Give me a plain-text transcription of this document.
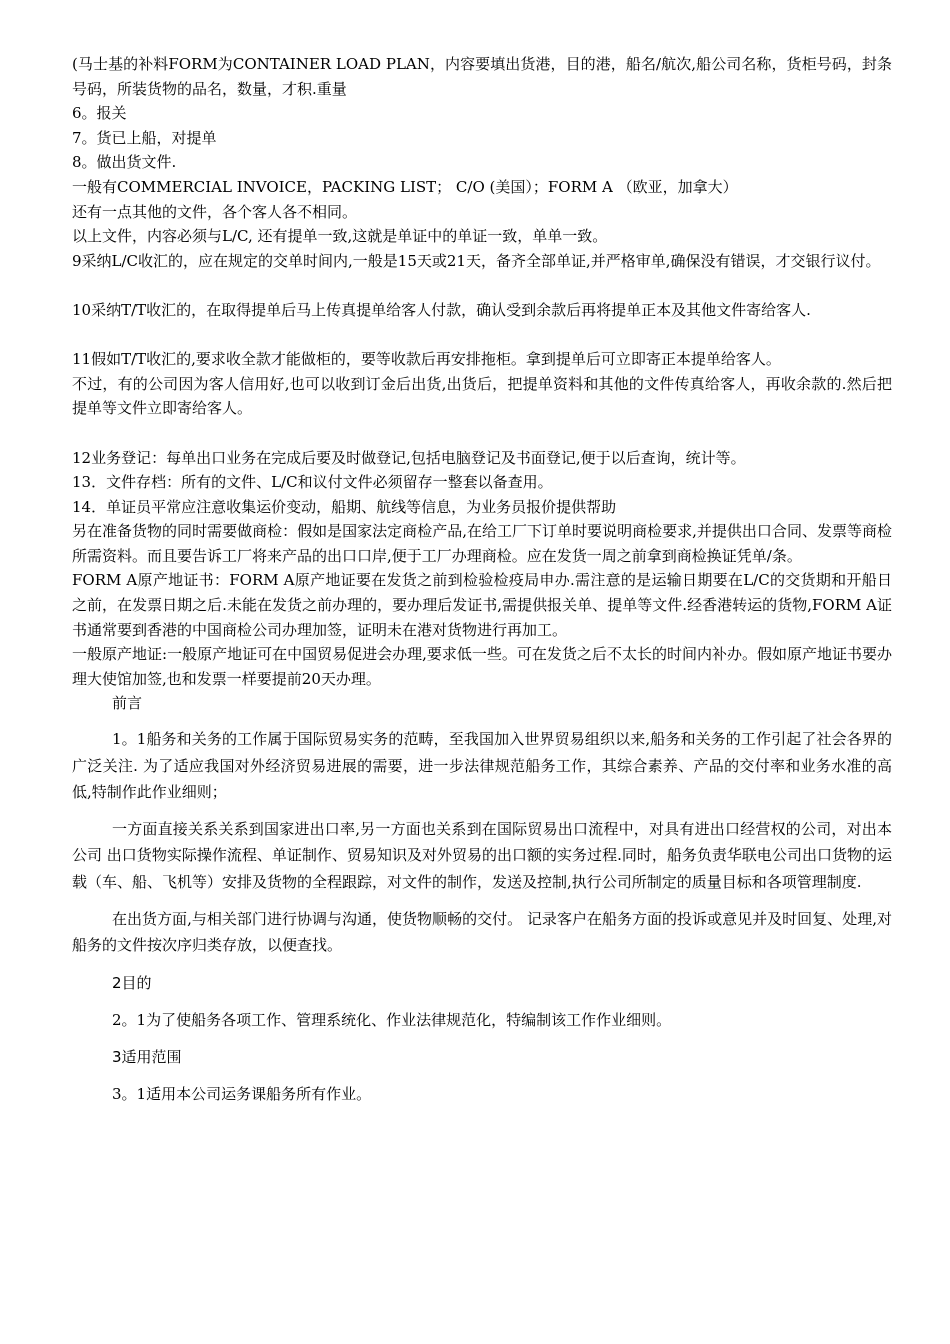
(马士基的补料FORM为CONTAINER LOAD PLAN，内容要填出货港，目的港，船名/航次,船公司名称，货柜号码，封条号码，所装货物的品名，数量，才积.重量

6。报关

7。货已上船，对提单

8。做出货文件.

一般有COMMERCIAL INVOICE，PACKING LIST； C/O (美国）；FORM A （欧亚，加拿大）

还有一点其他的文件，各个客人各不相同。

以上文件，内容必须与L/C, 还有提单一致,这就是单证中的单证一致，单单一致。

9采纳L/C收汇的，应在规定的交单时间内,一般是15天或21天，备齐全部单证,并严格审单,确保没有错误，才交银行议付。

10采纳T/T收汇的，在取得提单后马上传真提单给客人付款，确认受到余款后再将提单正本及其他文件寄给客人.

11假如T/T收汇的,要求收全款才能做柜的，要等收款后再安排拖柜。拿到提单后可立即寄正本提单给客人。

不过，有的公司因为客人信用好,也可以收到订金后出货,出货后，把提单资料和其他的文件传真给客人，再收余款的.然后把提单等文件立即寄给客人。

12业务登记：每单出口业务在完成后要及时做登记,包括电脑登记及书面登记,便于以后查询，统计等。

13．文件存档：所有的文件、L/C和议付文件必须留存一整套以备查用。

14．单证员平常应注意收集运价变动，船期、航线等信息，为业务员报价提供帮助

另在准备货物的同时需要做商检：假如是国家法定商检产品,在给工厂下订单时要说明商检要求,并提供出口合同、发票等商检所需资料。而且要告诉工厂将来产品的出口口岸,便于工厂办理商检。应在发货一周之前拿到商检换证凭单/条。

FORM A原产地证书：FORM A原产地证要在发货之前到检验检疫局申办.需注意的是运输日期要在L/C的交货期和开船日之前，在发票日期之后.未能在发货之前办理的，要办理后发证书,需提供报关单、提单等文件.经香港转运的货物,FORM A证书通常要到香港的中国商检公司办理加签，证明未在港对货物进行再加工。

一般原产地证:一般原产地证可在中国贸易促进会办理,要求低一些。可在发货之后不太长的时间内补办。假如原产地证书要办理大使馆加签,也和发票一样要提前20天办理。

前言

1。1船务和关务的工作属于国际贸易实务的范畴，至我国加入世界贸易组织以来,船务和关务的工作引起了社会各界的广泛关注. 为了适应我国对外经济贸易进展的需要，进一步法律规范船务工作，其综合素养、产品的交付率和业务水准的高低,特制作此作业细则；

一方面直接关系关系到国家进出口率,另一方面也关系到在国际贸易出口流程中，对具有进出口经营权的公司，对出本公司 出口货物实际操作流程、单证制作、贸易知识及对外贸易的出口额的实务过程.同时，船务负责华联电公司出口货物的运载（车、船、飞机等）安排及货物的全程跟踪，对文件的制作，发送及控制,执行公司所制定的质量目标和各项管理制度.

在出货方面,与相关部门进行协调与沟通，使货物顺畅的交付。 记录客户在船务方面的投诉或意见并及时回复、处理,对船务的文件按次序归类存放，以便查找。

2目的

2。1为了使船务各项工作、管理系统化、作业法律规范化，特编制该工作作业细则。

3适用范围

3。1适用本公司运务课船务所有作业。
